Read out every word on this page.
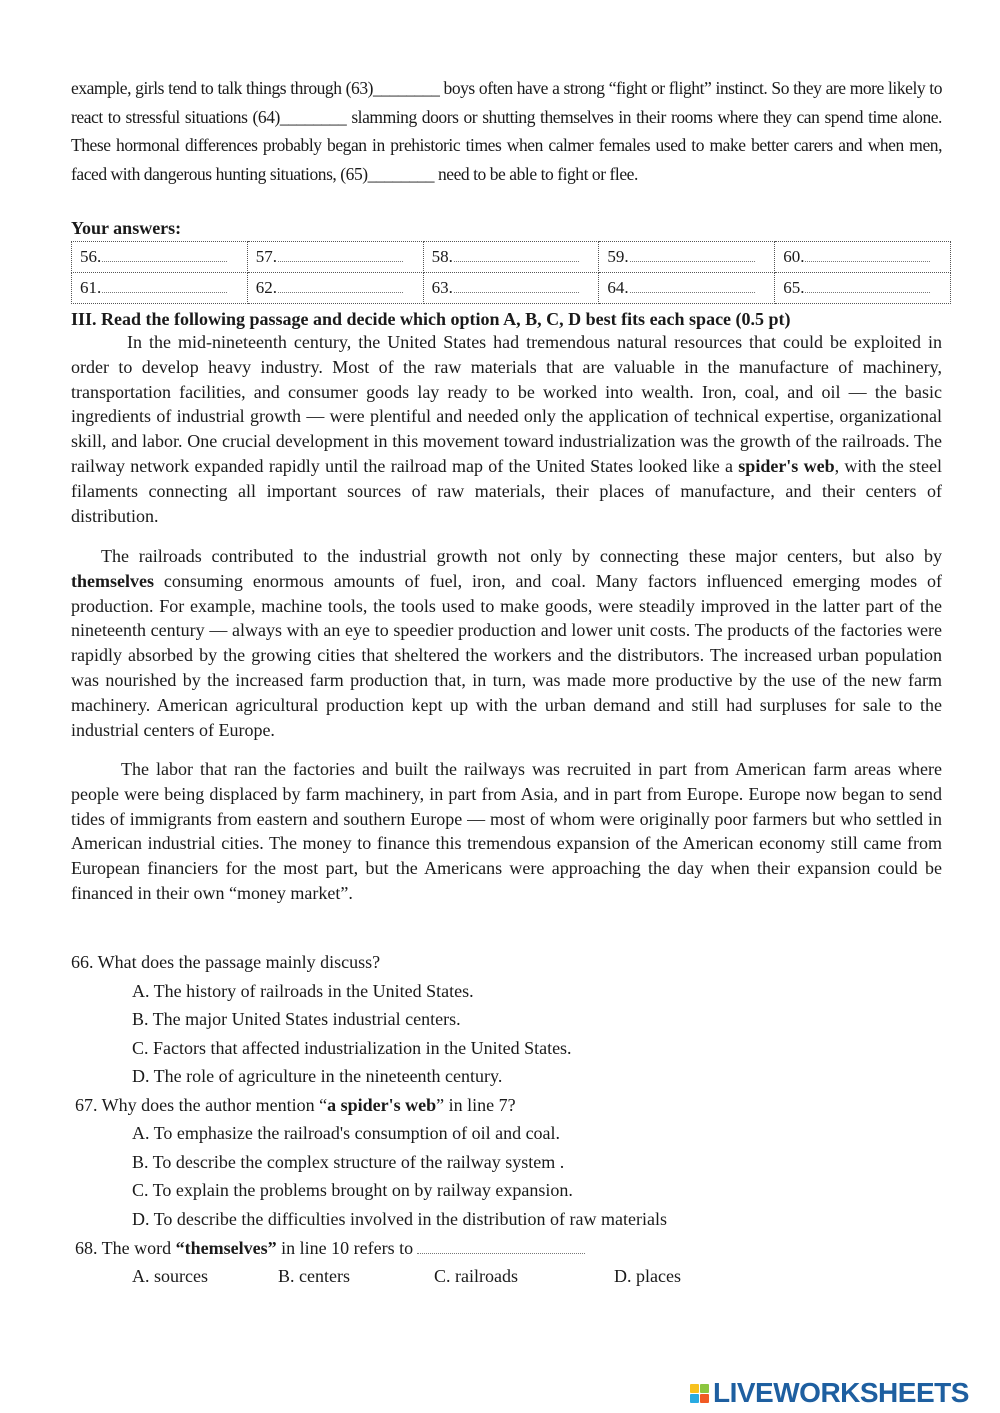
example, girls tend to talk things through (63)________ boys often have a strong “fight or flight” instinct. So they are more likely to react to stressful situations (64)________ slamming doors or shutting themselves in their rooms where they can spend time alone. These hormonal differences probably began in prehistoric times when calmer females used to make better carers and when men, faced with dangerous hunting situations, (65)________ need to be able to fight or flee.

Your answers:
56.	57.	58.	59.	60.
61.	62.	63.	64.	65.
III. Read the following passage and decide which option A, B, C, D best fits each space (0.5 pt)

In the mid-nineteenth century, the United States had tremendous natural resources that could be exploited in order to develop heavy industry. Most of the raw materials that are valuable in the manufacture of machinery, transportation facilities, and consumer goods lay ready to be worked into wealth. Iron, coal, and oil ― the basic ingredients of industrial growth ― were plentiful and needed only the application of technical expertise, organizational skill, and labor. One crucial development in this movement toward industrialization was the growth of the railroads. The railway network expanded rapidly until the railroad map of the United States looked like a spider's web, with the steel filaments connecting all important sources of raw materials, their places of manufacture, and their centers of distribution.

The railroads contributed to the industrial growth not only by connecting these major centers, but also by themselves consuming enormous amounts of fuel, iron, and coal. Many factors influenced emerging modes of production. For example, machine tools, the tools used to make goods, were steadily improved in the latter part of the nineteenth century ― always with an eye to speedier production and lower unit costs. The products of the factories were rapidly absorbed by the growing cities that sheltered the workers and the distributors. The increased urban population was nourished by the increased farm production that, in turn, was made more productive by the use of the new farm machinery. American agricultural production kept up with the urban demand and still had surpluses for sale to the industrial centers of Europe.

The labor that ran the factories and built the railways was recruited in part from American farm areas where people were being displaced by farm machinery, in part from Asia, and in part from Europe. Europe now began to send tides of immigrants from eastern and southern Europe ― most of whom were originally poor farmers but who settled in American industrial cities. The money to finance this tremendous expansion of the American economy still came from European financiers for the most part, but the Americans were approaching the day when their expansion could be financed in their own “money market”.

66. What does the passage mainly discuss?
A. The history of railroads in the United States.
B. The major United States industrial centers.
C. Factors that affected industrialization in the United States.
D. The role of agriculture in the nineteenth century.
67. Why does the author mention “a spider's web” in line 7?
A. To emphasize the railroad's consumption of oil and coal.
B. To describe the complex structure of the railway system .
C. To explain the problems brought on by railway expansion.
D. To describe the difficulties involved in the distribution of raw materials
68. The word “themselves” in line 10 refers to
A. sources	B. centers	C. railroads	D. places
LIVEWORKSHEETS
